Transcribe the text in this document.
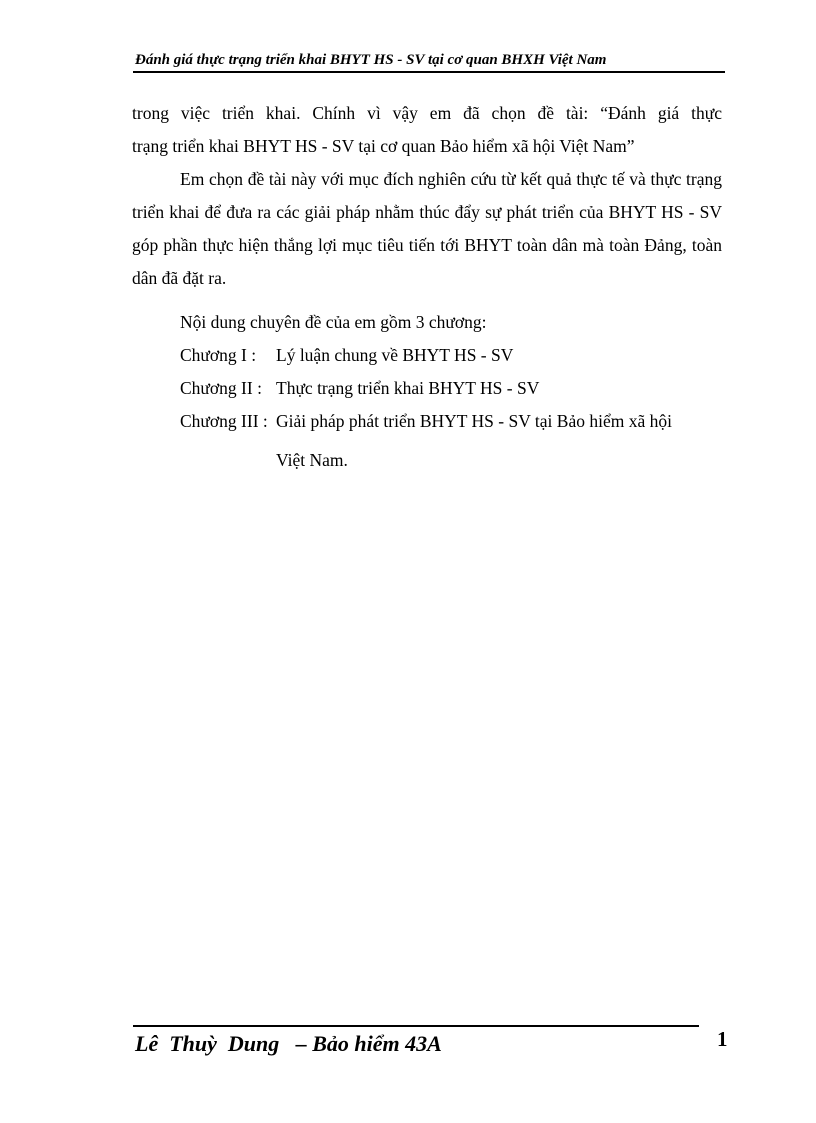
Đánh giá thực trạng triển khai BHYT HS - SV tại cơ quan BHXH Việt Nam
trong việc triển khai. Chính vì vậy em đã chọn đề tài: “Đánh giá thực
trạng triển khai BHYT HS - SV tại cơ quan Bảo hiểm xã hội Việt Nam”

Em chọn đề tài này với mục đích nghiên cứu từ kết quả thực tế và thực trạng triển khai để đưa ra các giải pháp nhằm thúc đẩy sự phát triển của BHYT HS - SV góp phần thực hiện thắng lợi mục tiêu tiến tới BHYT toàn dân mà toàn Đảng, toàn dân đã đặt ra.

Nội dung chuyên đề của em gồm 3 chương:
Chương I : Lý luận chung về BHYT HS - SV
Chương II : Thực trạng triển khai BHYT HS - SV
Chương III : Giải pháp phát triển BHYT HS - SV tại Bảo hiểm xã hội
Việt Nam.
Lê  Thuỳ  Dung   – Bảo hiểm 43A	1
